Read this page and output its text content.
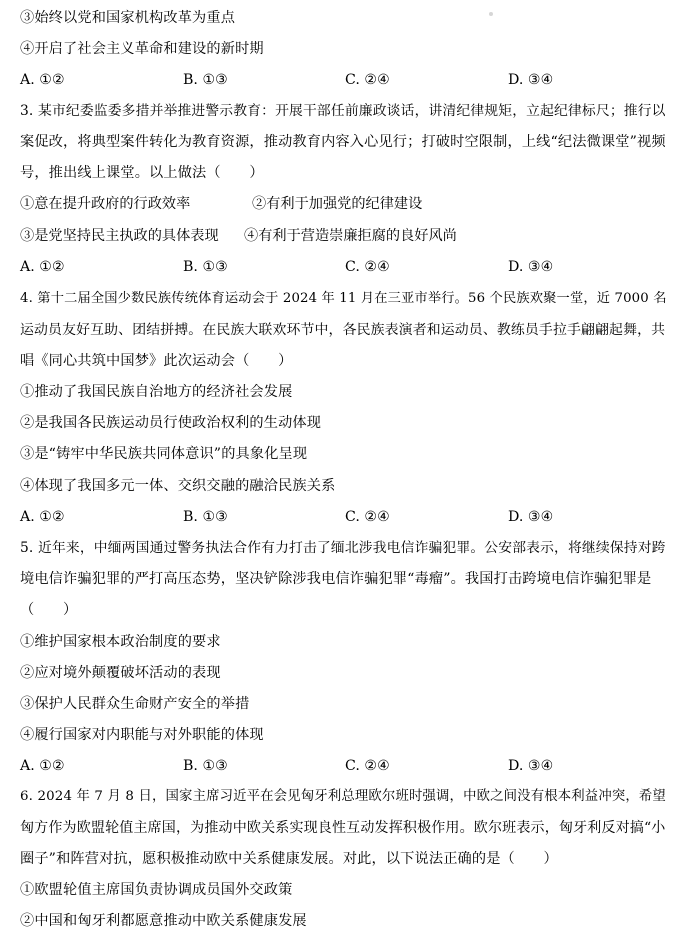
③始终以党和国家机构改革为重点
④开启了社会主义革命和建设的新时期
A. ①②	B. ①③	C. ②④	D. ③④
3. 某市纪委监委多措并举推进警示教育：开展干部任前廉政谈话，讲清纪律规矩，立起纪律标尺；推行以
案促改，将典型案件转化为教育资源，推动教育内容入心见行；打破时空限制，上线“纪法微课堂”视频
号，推出线上课堂。以上做法（　　）
①意在提升政府的行政效率	②有利于加强党的纪律建设
③是党坚持民主执政的具体表现 ④有利于营造崇廉拒腐的良好风尚
A. ①②	B. ①③	C. ②④	D. ③④
4. 第十二届全国少数民族传统体育运动会于 2024 年 11 月在三亚市举行。56 个民族欢聚一堂，近 7000 名
运动员友好互助、团结拼搏。在民族大联欢环节中，各民族表演者和运动员、教练员手拉手翩翩起舞，共
唱《同心共筑中国梦》此次运动会（　　）
①推动了我国民族自治地方的经济社会发展
②是我国各民族运动员行使政治权利的生动体现
③是“铸牢中华民族共同体意识”的具象化呈现
④体现了我国多元一体、交织交融的融洽民族关系
A. ①②	B. ①③	C. ②④	D. ③④
5. 近年来，中缅两国通过警务执法合作有力打击了缅北涉我电信诈骗犯罪。公安部表示，将继续保持对跨
境电信诈骗犯罪的严打高压态势，坚决铲除涉我电信诈骗犯罪“毒瘤”。我国打击跨境电信诈骗犯罪是
（　　）
①维护国家根本政治制度的要求
②应对境外颠覆破坏活动的表现
③保护人民群众生命财产安全的举措
④履行国家对内职能与对外职能的体现
A. ①②	B. ①③	C. ②④	D. ③④
6. 2024 年 7 月 8 日，国家主席习近平在会见匈牙利总理欧尔班时强调，中欧之间没有根本利益冲突，希望
匈方作为欧盟轮值主席国，为推动中欧关系实现良性互动发挥积极作用。欧尔班表示，匈牙利反对搞“小
圈子”和阵营对抗，愿积极推动欧中关系健康发展。对此，以下说法正确的是（　　）
①欧盟轮值主席国负责协调成员国外交政策
②中国和匈牙利都愿意推动中欧关系健康发展
